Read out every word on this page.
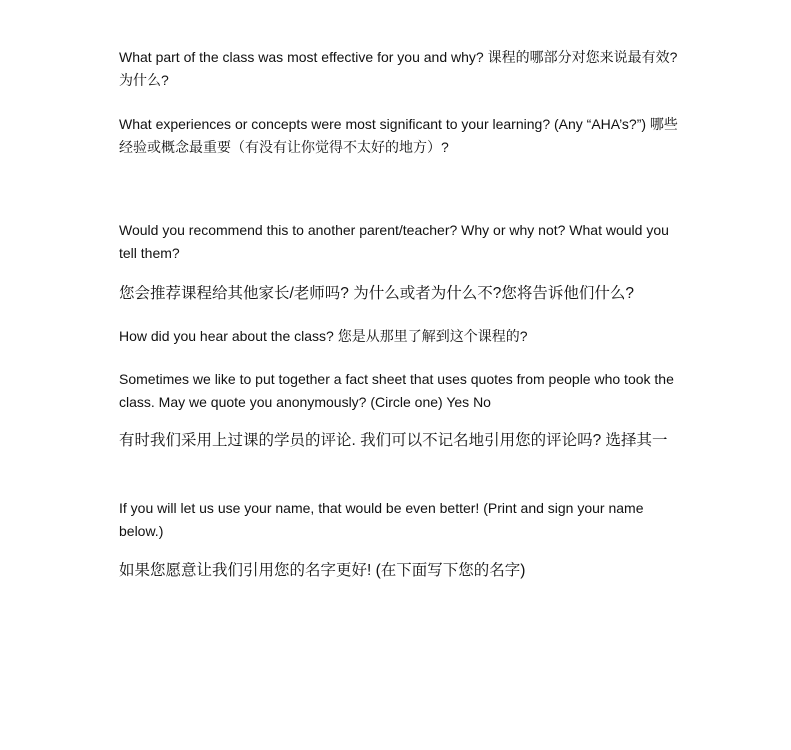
What part of the class was most effective for you and why? 课程的哪部分对您来说最有效? 为什么?

What experiences or concepts were most significant to your learning? (Any “AHA’s?”) 哪些经验或概念最重要（有没有让你觉得不太好的地方）?

Would you recommend this to another parent/teacher? Why or why not? What would you tell them?

您会推荐课程给其他家长/老师吗? 为什么或者为什么不?您将告诉他们什么?

How did you hear about the class? 您是从那里了解到这个课程的?

Sometimes we like to put together a fact sheet that uses quotes from people who took the class. May we quote you anonymously? (Circle one) Yes No

有时我们采用上过课的学员的评论. 我们可以不记名地引用您的评论吗? 选择其一

If you will let us use your name, that would be even better! (Print and sign your name below.)

如果您愿意让我们引用您的名字更好! (在下面写下您的名字)
